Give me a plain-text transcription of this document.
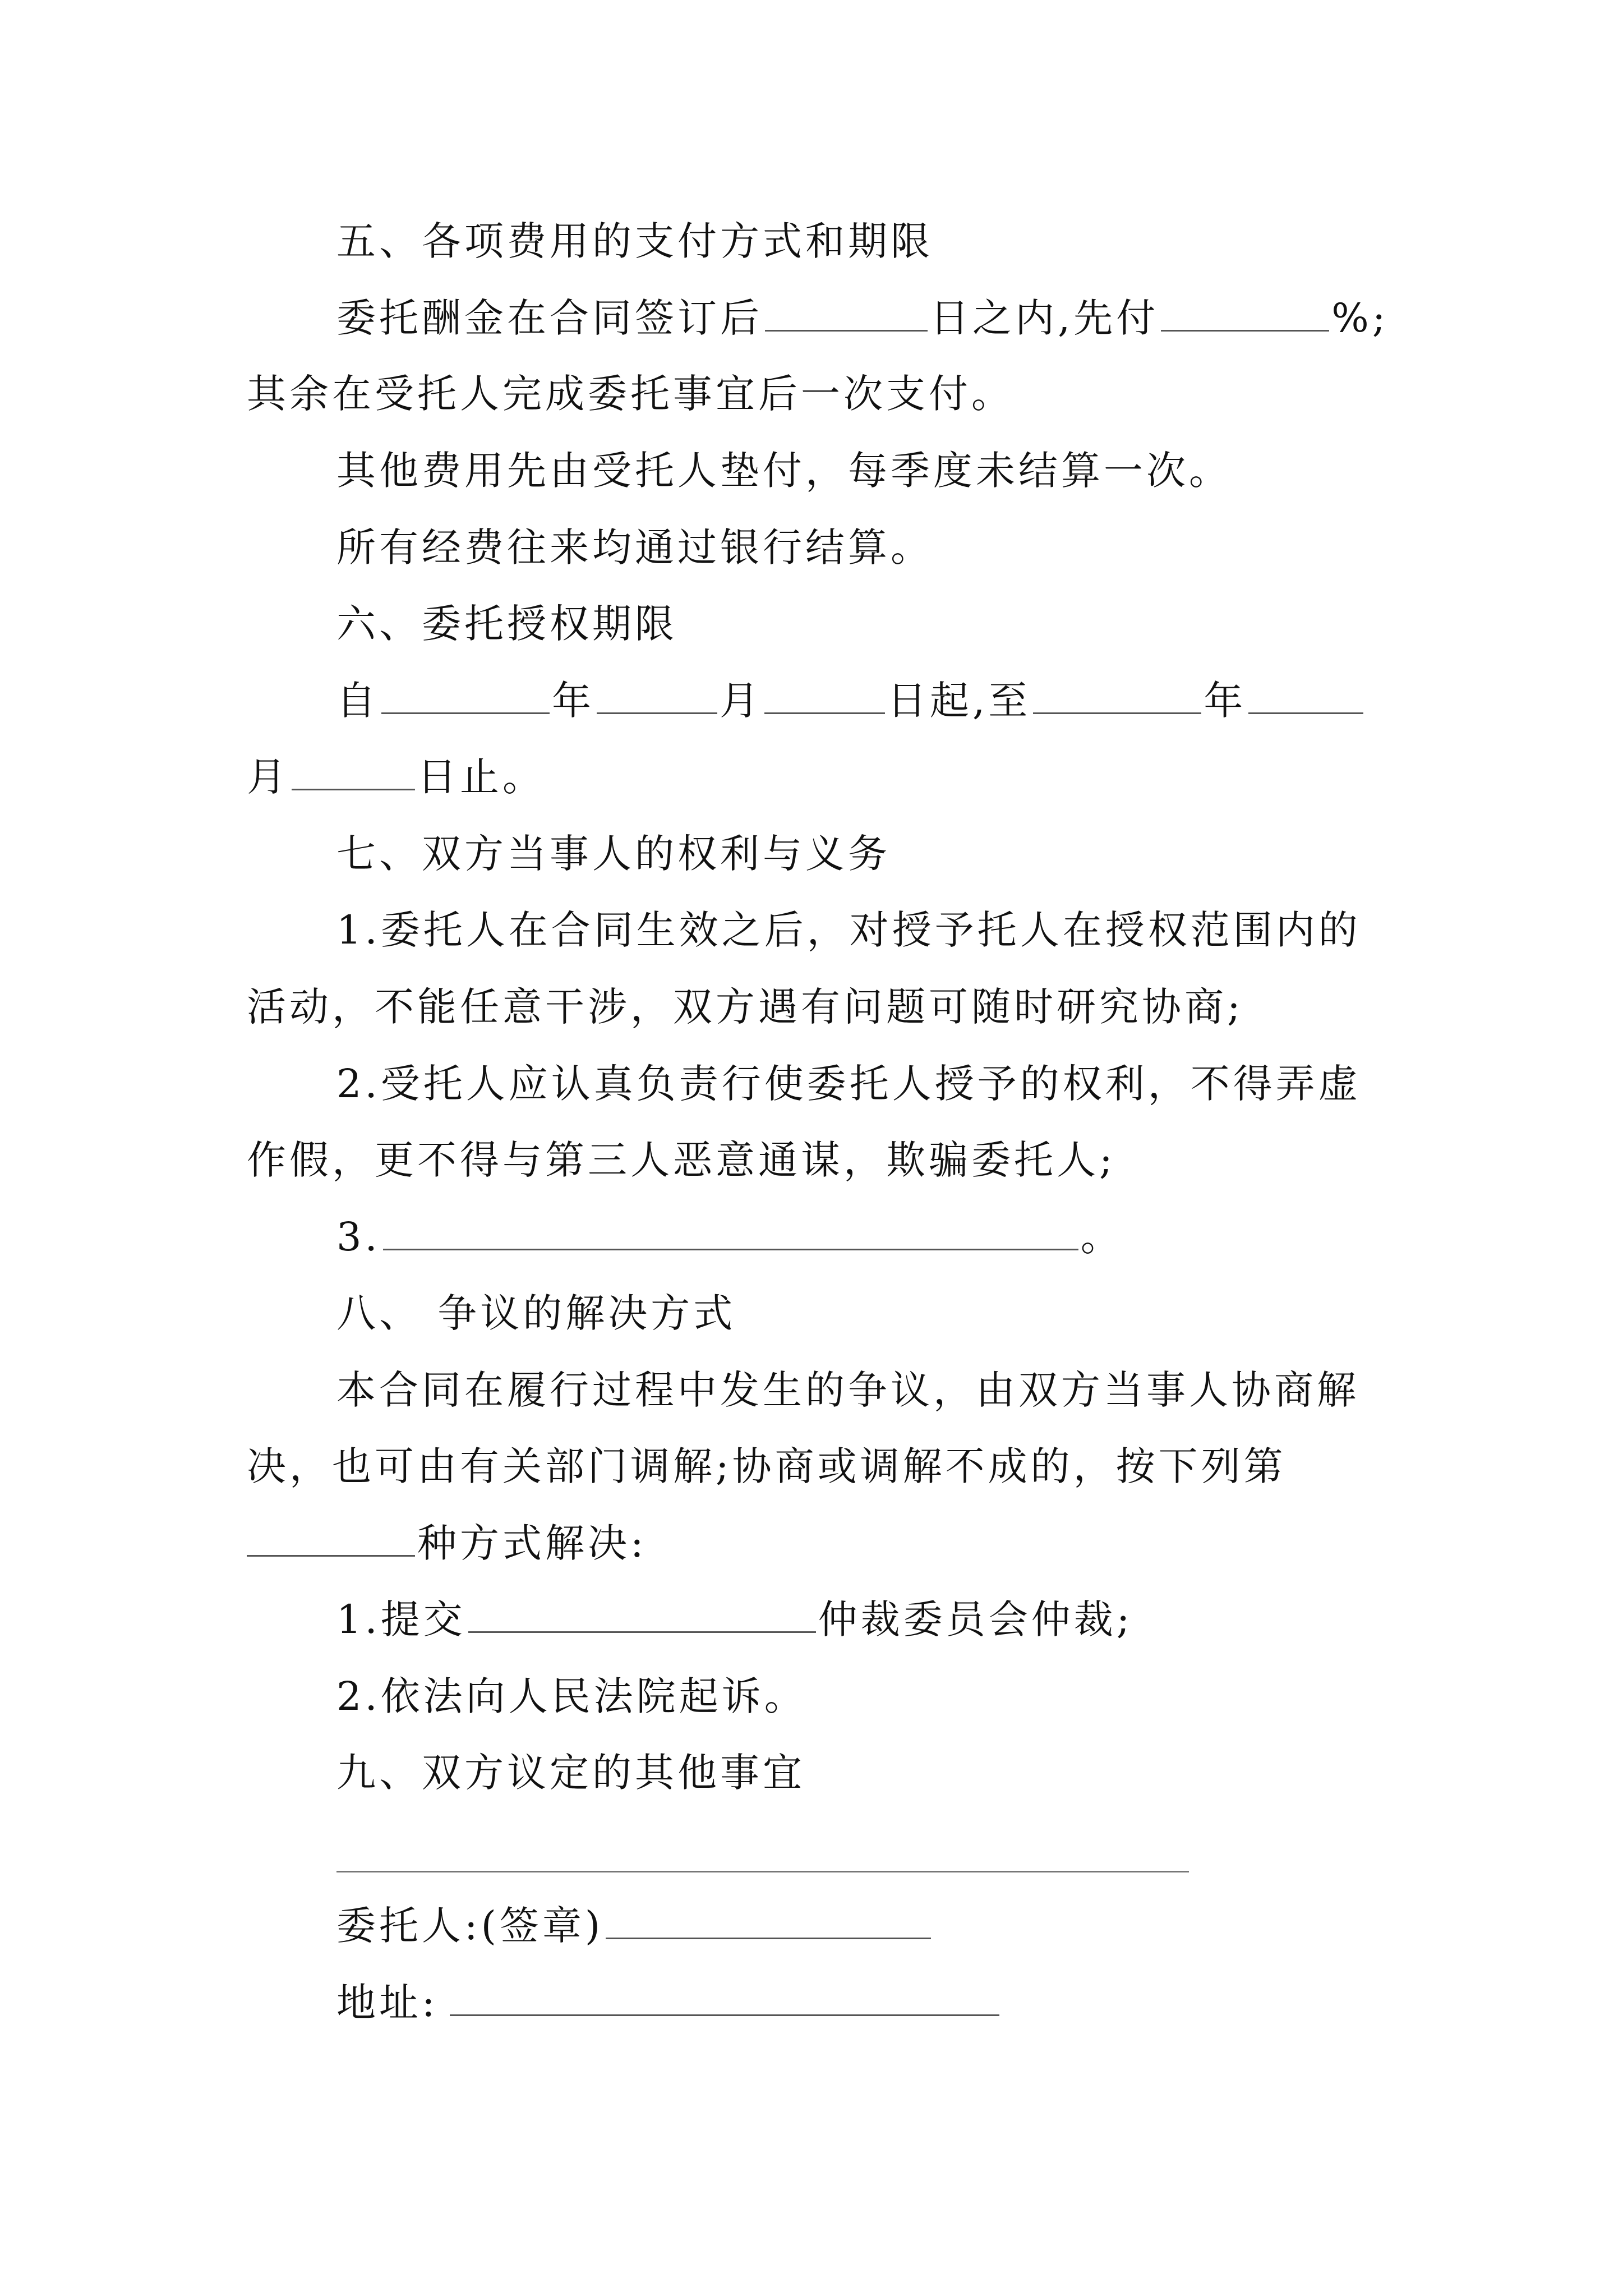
五、各项费用的支付方式和期限
委托酬金在合同签订后	日之内,先付	%;
其余在受托人完成委托事宜后一次支付。
其他费用先由受托人垫付，每季度未结算一次。
所有经费往来均通过银行结算。
六、委托授权期限
自	年	月	日起,至	年
月	日止。
七、双方当事人的权利与义务
1.委托人在合同生效之后，对授予托人在授权范围内的
活动，不能任意干涉，双方遇有问题可随时研究协商;
2.受托人应认真负责行使委托人授予的权利，不得弄虚
作假，更不得与第三人恶意通谋，欺骗委托人;
3.	。
八、 争议的解决方式
本合同在履行过程中发生的争议，由双方当事人协商解
决，也可由有关部门调解;协商或调解不成的，按下列第
种方式解决:
1.提交	仲裁委员会仲裁;
2.依法向人民法院起诉。
九、双方议定的其他事宜
委托人:(签章)
地址:
